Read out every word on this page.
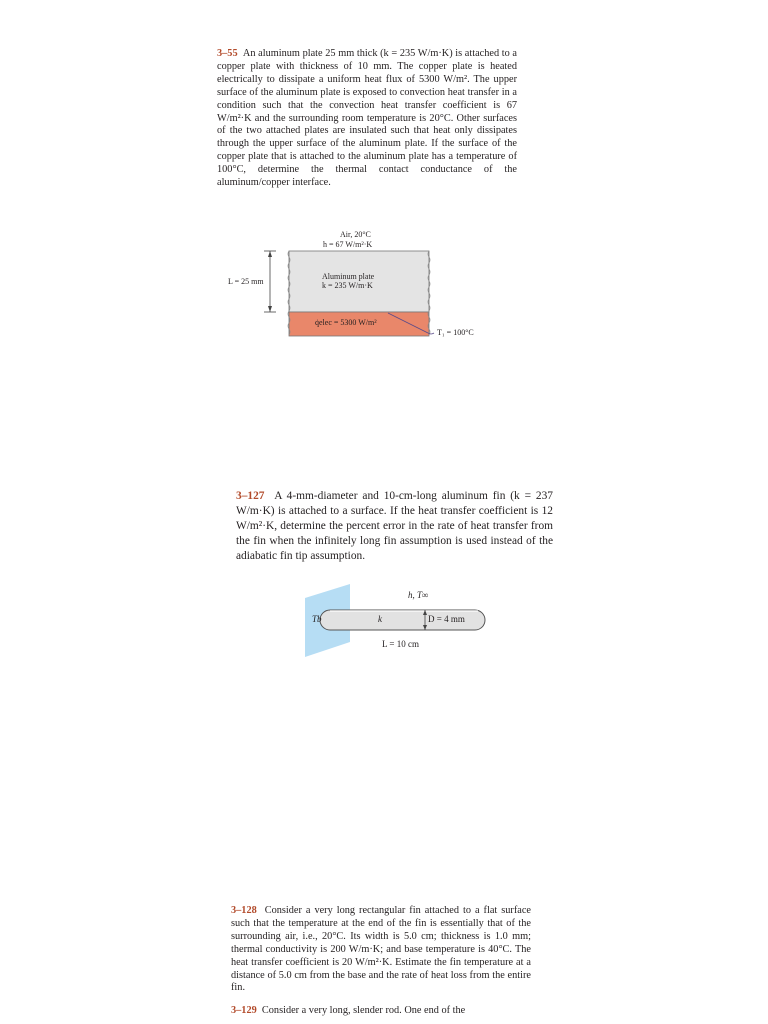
3–55 An aluminum plate 25 mm thick (k = 235 W/m·K) is attached to a copper plate with thickness of 10 mm. The copper plate is heated electrically to dissipate a uniform heat flux of 5300 W/m². The upper surface of the aluminum plate is exposed to convection heat transfer in a condition such that the convection heat transfer coefficient is 67 W/m²·K and the surrounding room temperature is 20°C. Other surfaces of the two attached plates are insulated such that heat only dissipates through the upper surface of the aluminum plate. If the surface of the copper plate that is attached to the aluminum plate has a temperature of 100°C, determine the thermal contact conductance of the aluminum/copper interface.

Air, 20°C
h = 67 W/m²·K
Aluminum plate
k = 235 W/m·K
L = 25 mm
q̇elec = 5300 W/m²
T₁ = 100°C

3–127 A 4-mm-diameter and 10-cm-long aluminum fin (k = 237 W/m·K) is attached to a surface. If the heat transfer coefficient is 12 W/m²·K, determine the percent error in the rate of heat transfer from the fin when the infinitely long fin assumption is used instead of the adiabatic fin tip assumption.

h, T∞
Tb	k	D = 4 mm
L = 10 cm

3–128 Consider a very long rectangular fin attached to a flat surface such that the temperature at the end of the fin is essentially that of the surrounding air, i.e., 20°C. Its width is 5.0 cm; thickness is 1.0 mm; thermal conductivity is 200 W/m·K; and base temperature is 40°C. The heat transfer coefficient is 20 W/m²·K. Estimate the fin temperature at a distance of 5.0 cm from the base and the rate of heat loss from the entire fin.

3–129 Consider a very long, slender rod. One end of the
